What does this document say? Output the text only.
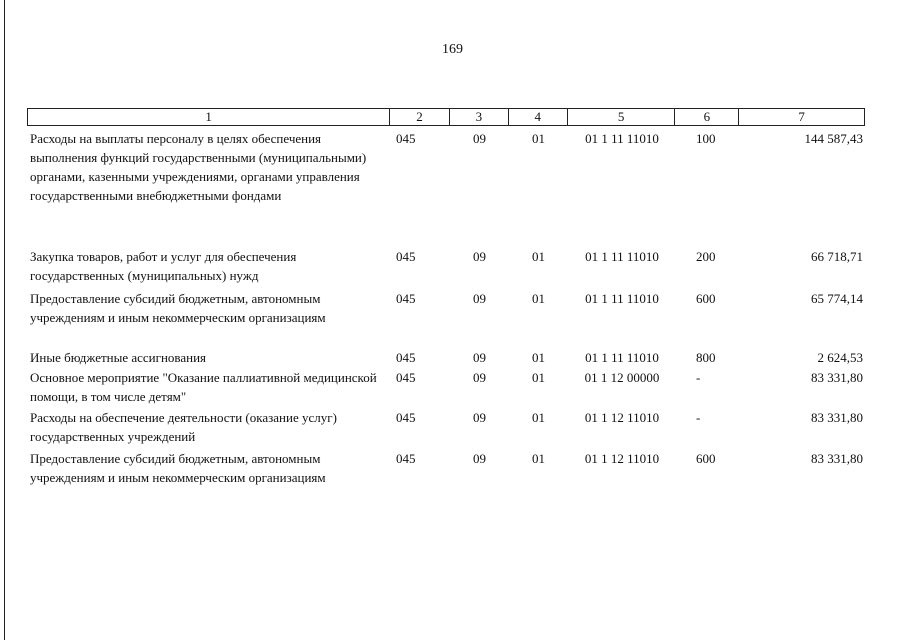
169
1	2	3	4	5	6	7
Расходы на выплаты персоналу в целях обеспечения выполнения функций государственными (муниципальными) органами, казенными учреждениями, органами управления государственными внебюджетными фондами
045	09	01	01 1 11 11010	100	144 587,43
Закупка товаров, работ и услуг для обеспечения государственных (муниципальных) нужд
045	09	01	01 1 11 11010	200	66 718,71
Предоставление субсидий бюджетным, автономным учреждениям и иным некоммерческим организациям
045	09	01	01 1 11 11010	600	65 774,14
Иные бюджетные ассигнования	045	09	01	01 1 11 11010	800	2 624,53
Основное мероприятие "Оказание паллиативной медицинской помощи, в том числе детям"
045	09	01	01 1 12 00000	-	83 331,80
Расходы на обеспечение деятельности (оказание услуг) государственных учреждений
045	09	01	01 1 12 11010	-	83 331,80
Предоставление субсидий бюджетным, автономным учреждениям и иным некоммерческим организациям
045	09	01	01 1 12 11010	600	83 331,80
